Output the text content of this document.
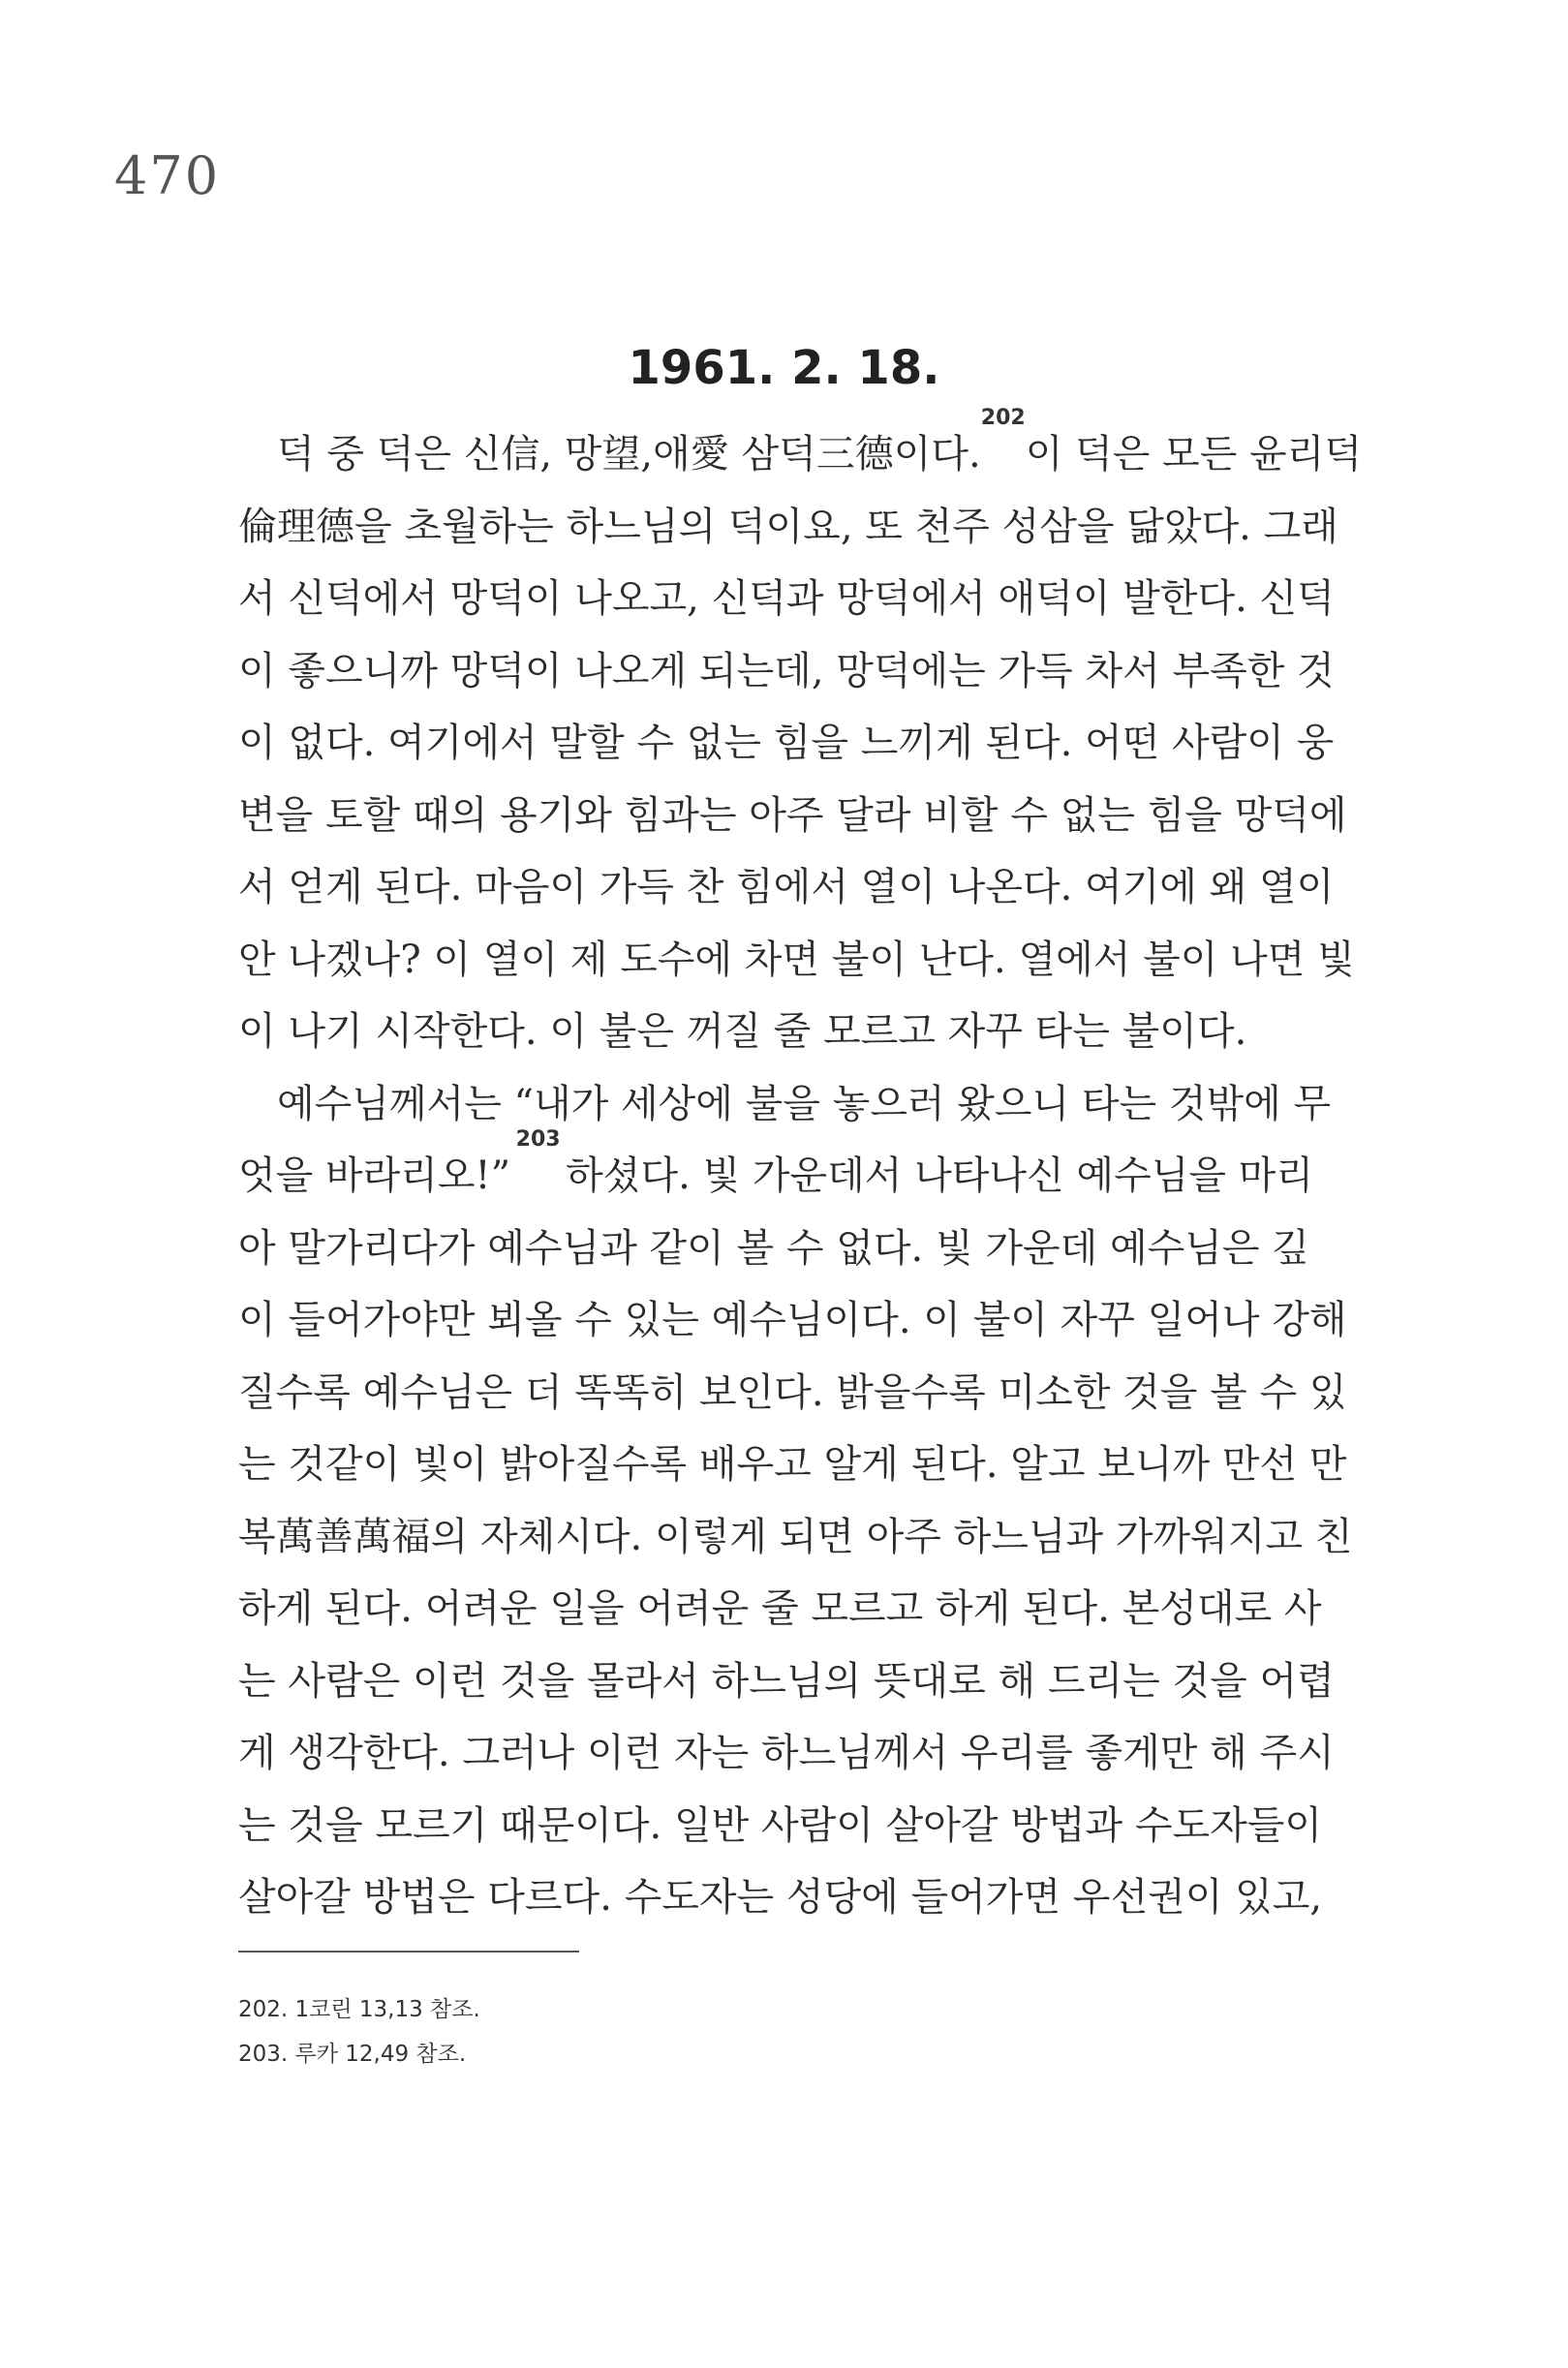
470
1961. 2. 18.
덕 중 덕은 신信, 망望,애愛 삼덕三德이다.
202
이 덕은 모든 윤리덕
倫理德을 초월하는 하느님의 덕이요, 또 천주 성삼을 닮았다. 그래
서 신덕에서 망덕이 나오고, 신덕과 망덕에서 애덕이 발한다. 신덕
이 좋으니까 망덕이 나오게 되는데, 망덕에는 가득 차서 부족한 것
이 없다. 여기에서 말할 수 없는 힘을 느끼게 된다. 어떤 사람이 웅
변을 토할 때의 용기와 힘과는 아주 달라 비할 수 없는 힘을 망덕에
서 얻게 된다. 마음이 가득 찬 힘에서 열이 나온다. 여기에 왜 열이
안 나겠나? 이 열이 제 도수에 차면 불이 난다. 열에서 불이 나면 빛
이 나기 시작한다. 이 불은 꺼질 줄 모르고 자꾸 타는 불이다.
예수님께서는 “내가 세상에 불을 놓으러 왔으니 타는 것밖에 무
엇을 바라리오!”
203
하셨다. 빛 가운데서 나타나신 예수님을 마리
아 말가리다가 예수님과 같이 볼 수 없다. 빛 가운데 예수님은 깊
이 들어가야만 뵈올 수 있는 예수님이다. 이 불이 자꾸 일어나 강해
질수록 예수님은 더 똑똑히 보인다. 밝을수록 미소한 것을 볼 수 있
는 것같이 빛이 밝아질수록 배우고 알게 된다. 알고 보니까 만선 만
복萬善萬福의 자체시다. 이렇게 되면 아주 하느님과 가까워지고 친
하게 된다. 어려운 일을 어려운 줄 모르고 하게 된다. 본성대로 사
는 사람은 이런 것을 몰라서 하느님의 뜻대로 해 드리는 것을 어렵
게 생각한다. 그러나 이런 자는 하느님께서 우리를 좋게만 해 주시
는 것을 모르기 때문이다. 일반 사람이 살아갈 방법과 수도자들이
살아갈 방법은 다르다. 수도자는 성당에 들어가면 우선권이 있고,
202. 1코린 13,13 참조.
203. 루카 12,49 참조.
